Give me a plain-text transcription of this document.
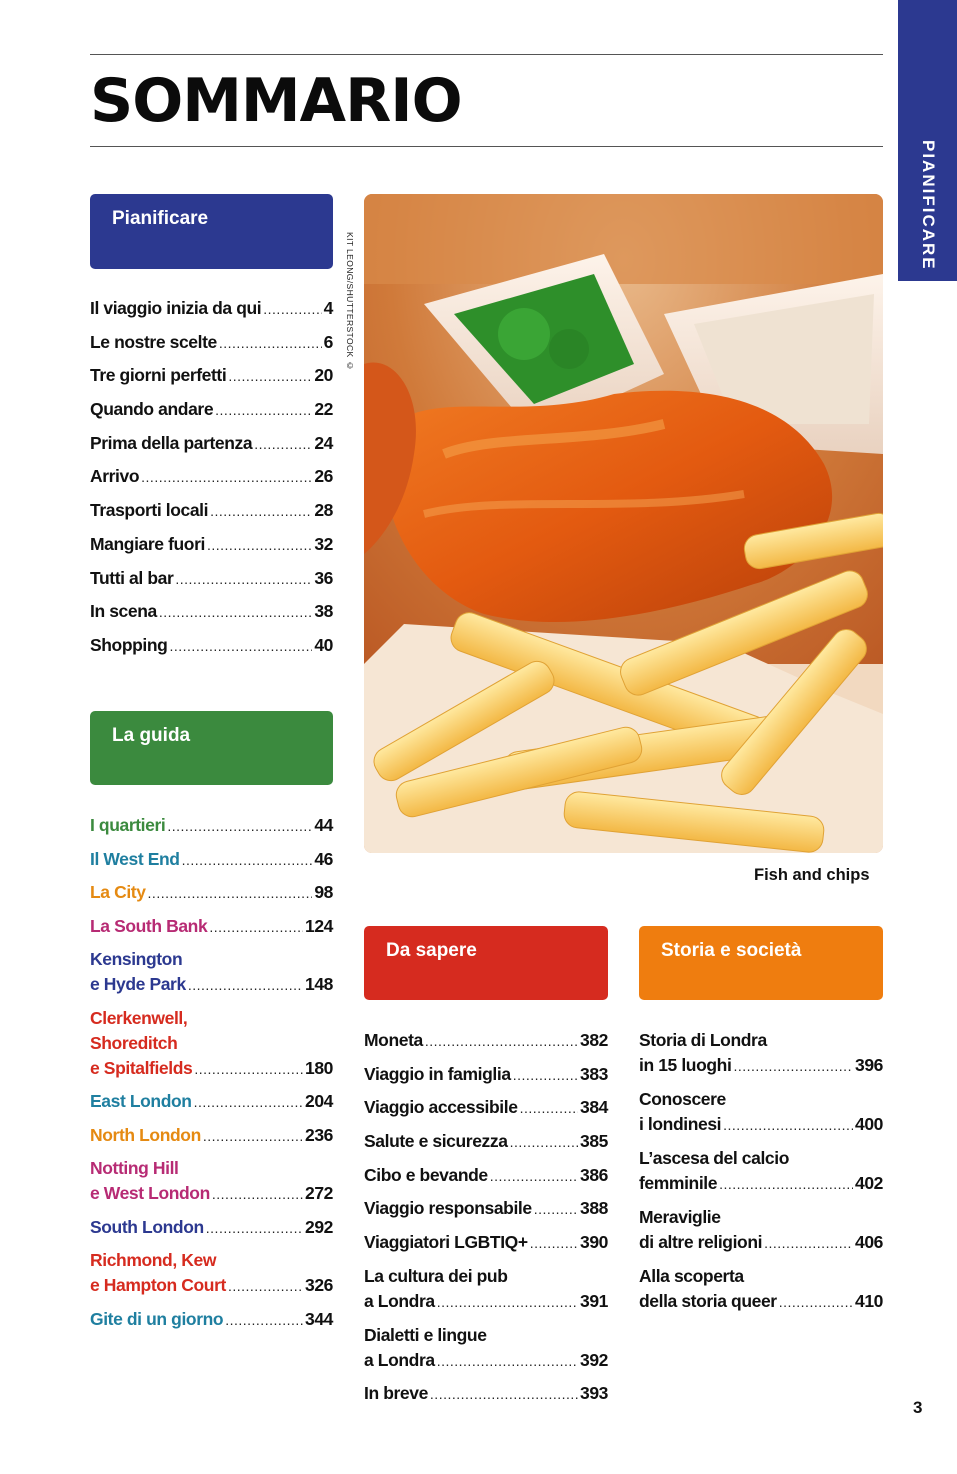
SOMMARIO
PIANIFICARE
Pianificare
La guida
Da sapere	Storia e società
Il viaggio inizia da qui .....	4
Le nostre scelte .....	6
Tre giorni perfetti .....	20
Quando andare .....	22
Prima della partenza .....	24
Arrivo .....	26
Trasporti locali .....	28
Mangiare fuori .....	32
Tutti al bar .....	36
In scena .....	38
Shopping .....	40
I quartieri .....	44
Il West End .....	46
La City .....	98
La South Bank .....	124
Kensington
e Hyde Park .....	148
Clerkenwell,
Shoreditch
e Spitalfields .....	180
East London .....	204
North London .....	236
Notting Hill
e West London .....	272
South London .....	292
Richmond, Kew
e Hampton Court .....	326
Gite di un giorno .....	344
Moneta .....	382
Viaggio in famiglia .....	383
Viaggio accessibile .....	384
Salute e sicurezza .....	385
Cibo e bevande .....	386
Viaggio responsabile .....	388
Viaggiatori LGBTIQ+ .....	390
La cultura dei pub
a Londra .....	391
Dialetti e lingue
a Londra .....	392
In breve .....	393
Storia di Londra
in 15 luoghi .....	396
Conoscere
i londinesi .....	400
L’ascesa del calcio
femminile .....	402
Meraviglie
di altre religioni .....	406
Alla scoperta
della storia queer .....	410
KIT LEONG/SHUTTERSTOCK ©
Fish and chips
3
